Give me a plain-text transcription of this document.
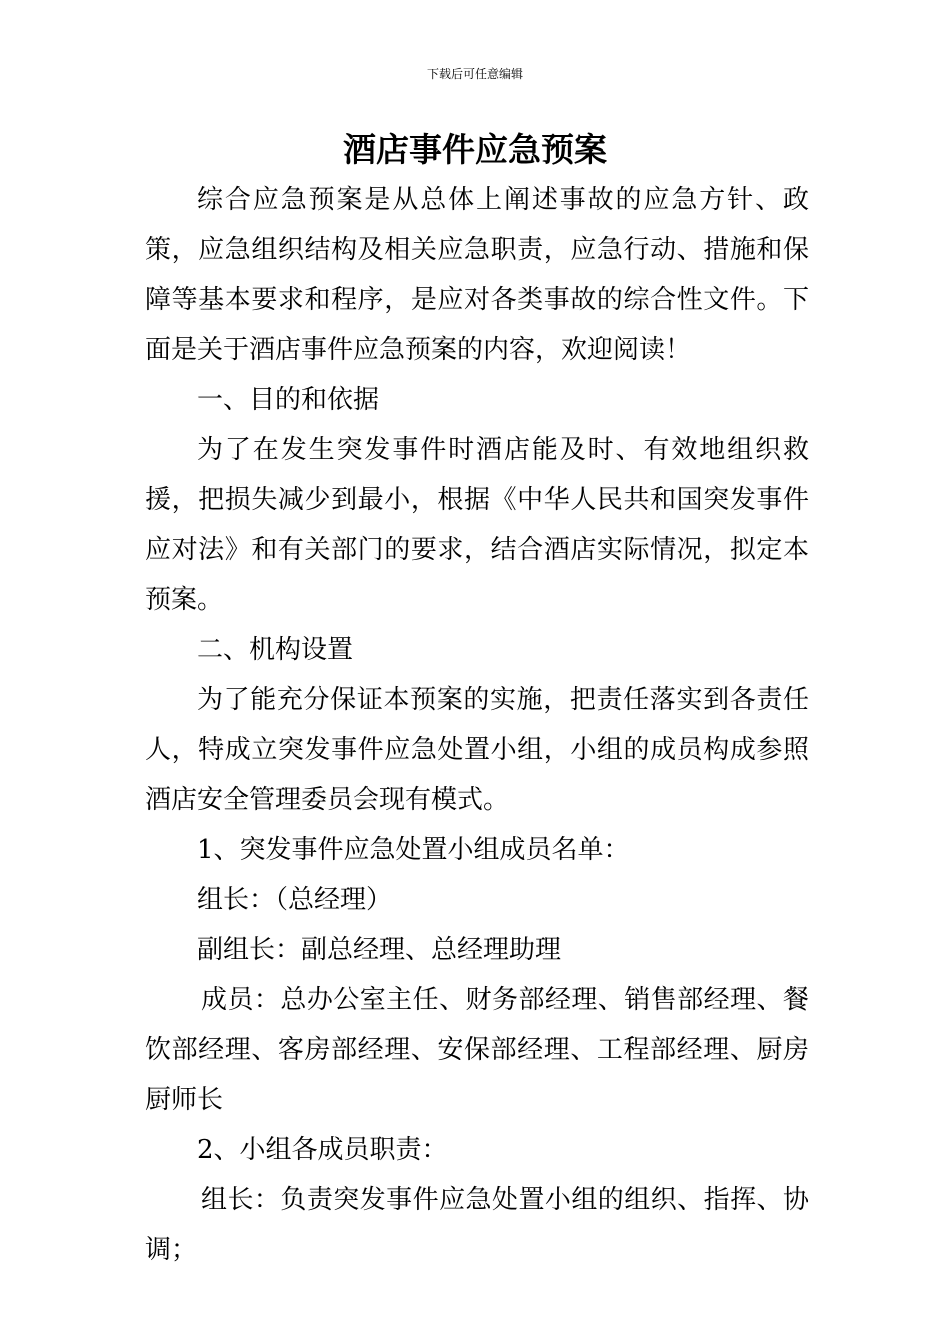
下载后可任意编辑
酒店事件应急预案

综合应急预案是从总体上阐述事故的应急方针、政策，应急组织结构及相关应急职责，应急行动、措施和保障等基本要求和程序，是应对各类事故的综合性文件。下面是关于酒店事件应急预案的内容，欢迎阅读！

一、目的和依据

为了在发生突发事件时酒店能及时、有效地组织救援，把损失减少到最小，根据《中华人民共和国突发事件应对法》和有关部门的要求，结合酒店实际情况，拟定本预案。

二、机构设置

为了能充分保证本预案的实施，把责任落实到各责任人，特成立突发事件应急处置小组，小组的成员构成参照酒店安全管理委员会现有模式。

1、突发事件应急处置小组成员名单：

组长：（总经理）

副组长：副总经理、总经理助理

成员：总办公室主任、财务部经理、销售部经理、餐饮部经理、客房部经理、安保部经理、工程部经理、厨房厨师长

2、小组各成员职责：

组长：负责突发事件应急处置小组的组织、指挥、协调；
